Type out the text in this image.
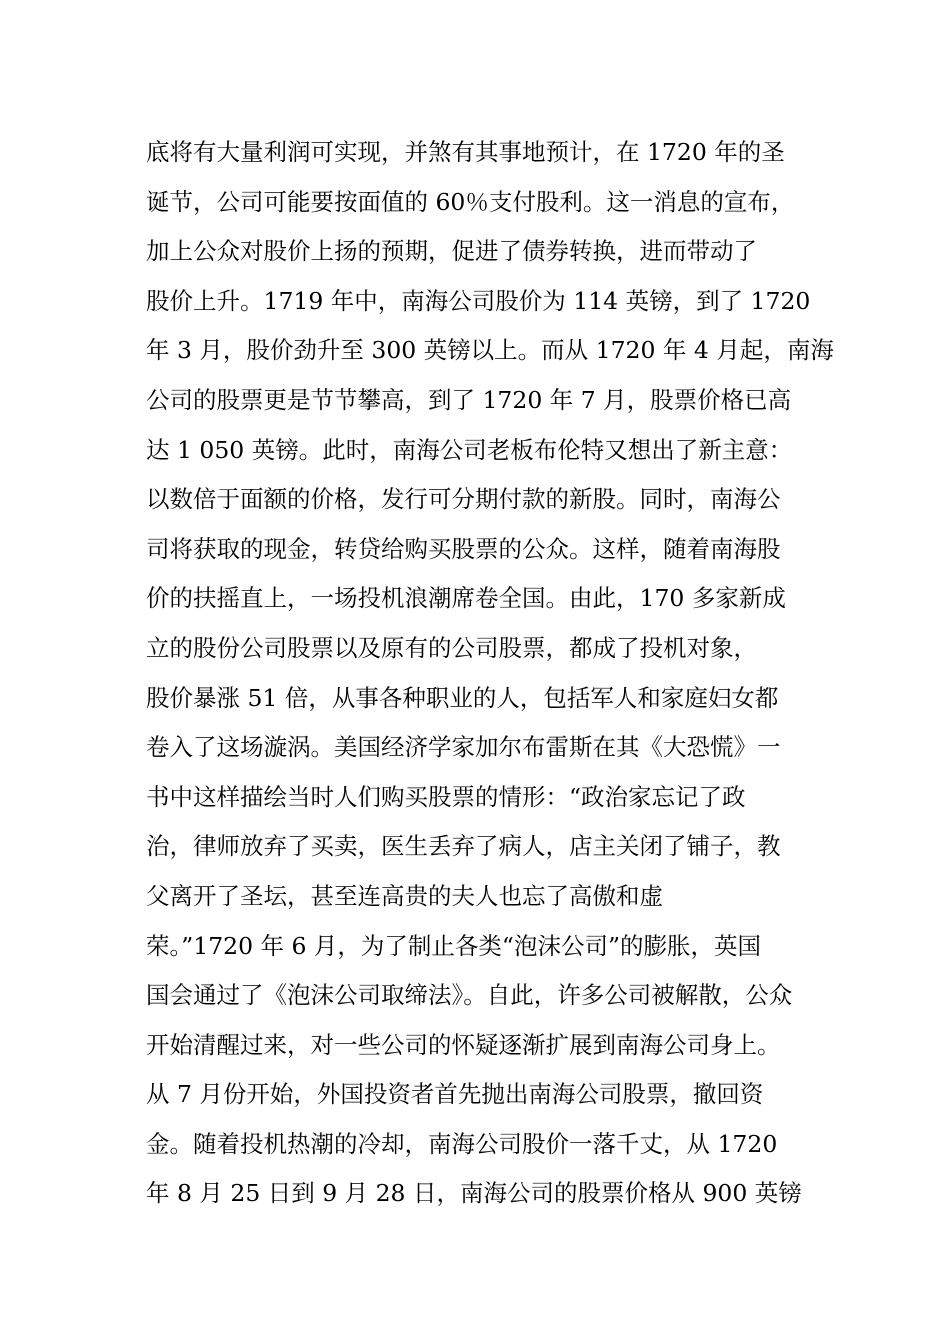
底将有大量利润可实现，并煞有其事地预计，在 1720 年的圣
诞节，公司可能要按面值的 60％支付股利。这一消息的宣布，
加上公众对股价上扬的预期，促进了债券转换，进而带动了
股价上升。1719 年中，南海公司股价为 114 英镑，到了 1720
年 3 月，股价劲升至 300 英镑以上。而从 1720 年 4 月起，南海
公司的股票更是节节攀高，到了 1720 年 7 月，股票价格已高
达 1 050 英镑。此时，南海公司老板布伦特又想出了新主意：
以数倍于面额的价格，发行可分期付款的新股。同时，南海公
司将获取的现金，转贷给购买股票的公众。这样，随着南海股
价的扶摇直上，一场投机浪潮席卷全国。由此，170 多家新成
立的股份公司股票以及原有的公司股票，都成了投机对象，
股价暴涨 51 倍，从事各种职业的人，包括军人和家庭妇女都
卷入了这场漩涡。美国经济学家加尔布雷斯在其《大恐慌》一
书中这样描绘当时人们购买股票的情形：“政治家忘记了政
治，律师放弃了买卖，医生丢弃了病人，店主关闭了铺子，教
父离开了圣坛，甚至连高贵的夫人也忘了高傲和虚
荣。”1720 年 6 月，为了制止各类“泡沫公司”的膨胀，英国
国会通过了《泡沫公司取缔法》。自此，许多公司被解散，公众
开始清醒过来，对一些公司的怀疑逐渐扩展到南海公司身上。
从 7 月份开始，外国投资者首先抛出南海公司股票，撤回资
金。随着投机热潮的冷却，南海公司股价一落千丈，从 1720
年 8 月 25 日到 9 月 28 日，南海公司的股票价格从 900 英镑
